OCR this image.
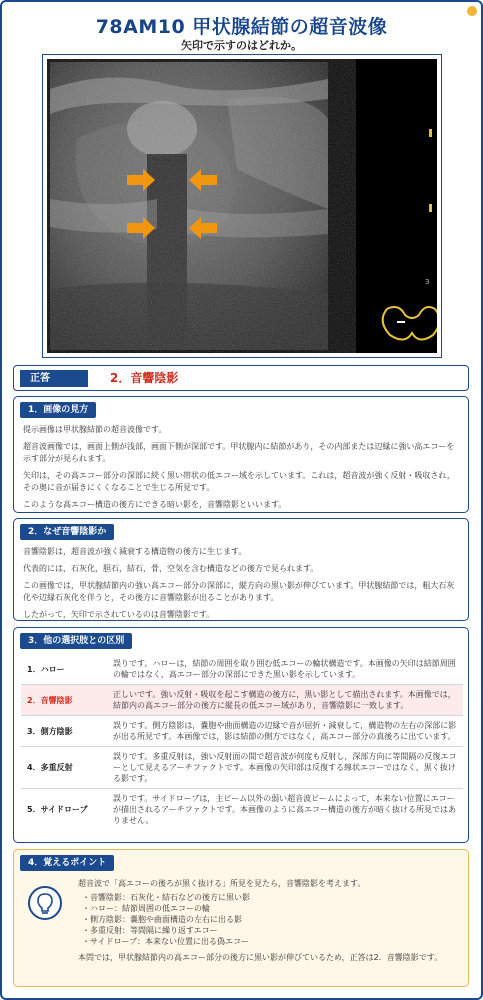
78AM10 甲状腺結節の超音波像
矢印で示すのはどれか。
3
正答	2．音響陰影
1．画像の見方

提示画像は甲状腺結節の超音波像です。

超音波画像では，画面上側が浅部，画面下側が深部です。甲状腺内に結節があり，その内部または辺縁に強い高エコーを示す部分が見られます。

矢印は，その高エコー部分の深部に続く黒い帯状の低エコー域を示しています。これは，超音波が強く反射・吸収され，その奥に音が届きにくくなることで生じる所見です。

このような高エコー構造の後方にできる暗い影を，音響陰影といいます。

2．なぜ音響陰影か

音響陰影は，超音波が強く減衰する構造物の後方に生じます。

代表的には，石灰化，胆石，結石，骨，空気を含む構造などの後方で見られます。

この画像では，甲状腺結節内の強い高エコー部分の深部に，縦方向の黒い影が伸びています。甲状腺結節では，粗大石灰化や辺縁石灰化を伴うと，その後方に音響陰影が出ることがあります。

したがって，矢印で示されているのは音響陰影です。

3．他の選択肢との区別
1．ハロー	誤りです。ハローは，結節の周囲を取り囲む低エコーの輪状構造です。本画像の矢印は結節周囲の輪ではなく，高エコー部分の深部にできた黒い影を示しています。
2．音響陰影	正しいです。強い反射・吸収を起こす構造の後方に，黒い影として描出されます。本画像では，結節内の高エコー部分の後方に縦長の低エコー域があり，音響陰影に一致します。
3．側方陰影	誤りです。側方陰影は，嚢胞や曲面構造の辺縁で音が屈折・減衰して，構造物の左右の深部に影が出る所見です。本画像では，影は結節の側方ではなく，高エコー部分の真後ろに出ています。
4．多重反射	誤りです。多重反射は，強い反射面の間で超音波が何度も反射し，深部方向に等間隔の反復エコーとして見えるアーチファクトです。本画像の矢印部は反復する線状エコーではなく，黒く抜ける影です。
5．サイドローブ	誤りです。サイドローブは，主ビーム以外の弱い超音波ビームによって，本来ない位置にエコーが描出されるアーチファクトです。本画像のように高エコー構造の後方が暗く抜ける所見ではありません。
4．覚えるポイント

超音波で「高エコーの後ろが黒く抜ける」所見を見たら，音響陰影を考えます。

・ 音響陰影：石灰化・結石などの後方に黒い影
・ ハロー：結節周囲の低エコーの輪
・ 側方陰影：嚢胞や曲面構造の左右に出る影
・ 多重反射：等間隔に繰り返すエコー
・ サイドローブ：本来ない位置に出る偽エコー

本問では，甲状腺結節内の高エコー部分の後方に黒い影が伸びているため，正答は2．音響陰影です。
